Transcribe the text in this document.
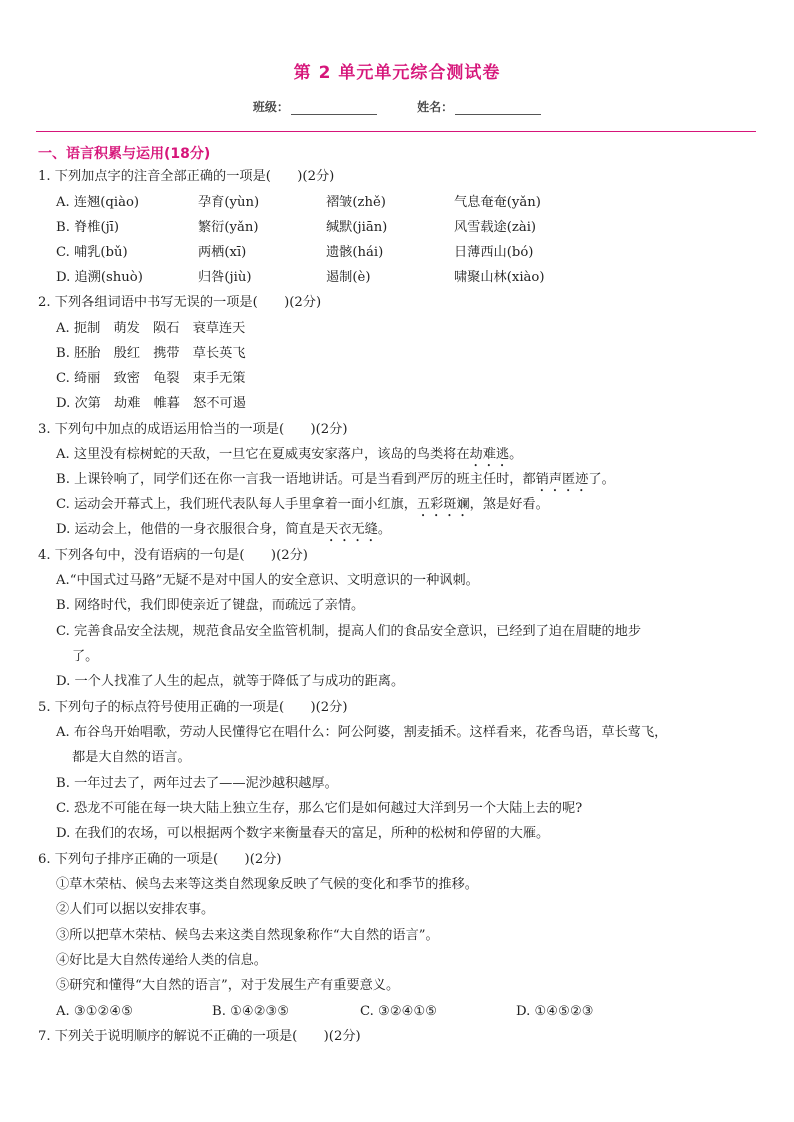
第 2 单元单元综合测试卷
班级：	姓名：
一、语言积累与运用(18分)
1. 下列加点字的注音全部正确的一项是(　　)(2分)
A. 连翘(qiào)	孕育(yùn)	褶皱(zhě)	气息奄奄(yǎn)
B. 脊椎(jī)	繁衍(yǎn)	缄默(jiān)	风雪载途(zài)
C. 哺乳(bǔ)	两栖(xī)	遗骸(hái)	日薄西山(bó)
D. 追溯(shuò)	归咎(jiù)	遏制(è)	啸聚山林(xiào)
2. 下列各组词语中书写无误的一项是(　　)(2分)
A. 扼制　萌发　陨石　衰草连天
B. 胚胎　殷红　携带　草长英飞
C. 绮丽　致密　龟裂　束手无策
D. 次第　劫难　帷暮　怒不可遏
3. 下列句中加点的成语运用恰当的一项是(　　)(2分)
A. 这里没有棕树蛇的天敌，一旦它在夏威夷安家落户，该岛的鸟类将在劫难逃。
B. 上课铃响了，同学们还在你一言我一语地讲话。可是当看到严厉的班主任时，都销声匿迹了。
C. 运动会开幕式上，我们班代表队每人手里拿着一面小红旗，五彩斑斓，煞是好看。
D. 运动会上，他借的一身衣服很合身，简直是天衣无缝。
4. 下列各句中，没有语病的一句是(　　)(2分)
A.“中国式过马路”无疑不是对中国人的安全意识、文明意识的一种讽刺。
B. 网络时代，我们即使亲近了键盘，而疏远了亲情。
C. 完善食品安全法规，规范食品安全监管机制，提高人们的食品安全意识，已经到了迫在眉睫的地步
了。
D. 一个人找准了人生的起点，就等于降低了与成功的距离。
5. 下列句子的标点符号使用正确的一项是(　　)(2分)
A. 布谷鸟开始唱歌，劳动人民懂得它在唱什么：阿公阿婆，割麦插禾。这样看来，花香鸟语，草长莺飞，
都是大自然的语言。
B. 一年过去了，两年过去了——泥沙越积越厚。
C. 恐龙不可能在每一块大陆上独立生存，那么它们是如何越过大洋到另一个大陆上去的呢?
D. 在我们的农场，可以根据两个数字来衡量春天的富足，所种的松树和停留的大雁。
6. 下列句子排序正确的一项是(　　)(2分)
①草木荣枯、候鸟去来等这类自然现象反映了气候的变化和季节的推移。
②人们可以据以安排农事。
③所以把草木荣枯、候鸟去来这类自然现象称作“大自然的语言”。
④好比是大自然传递给人类的信息。
⑤研究和懂得“大自然的语言”，对于发展生产有重要意义。
A. ③①②④⑤	B. ①④②③⑤	C. ③②④①⑤	D. ①④⑤②③
7. 下列关于说明顺序的解说不正确的一项是(　　)(2分)
